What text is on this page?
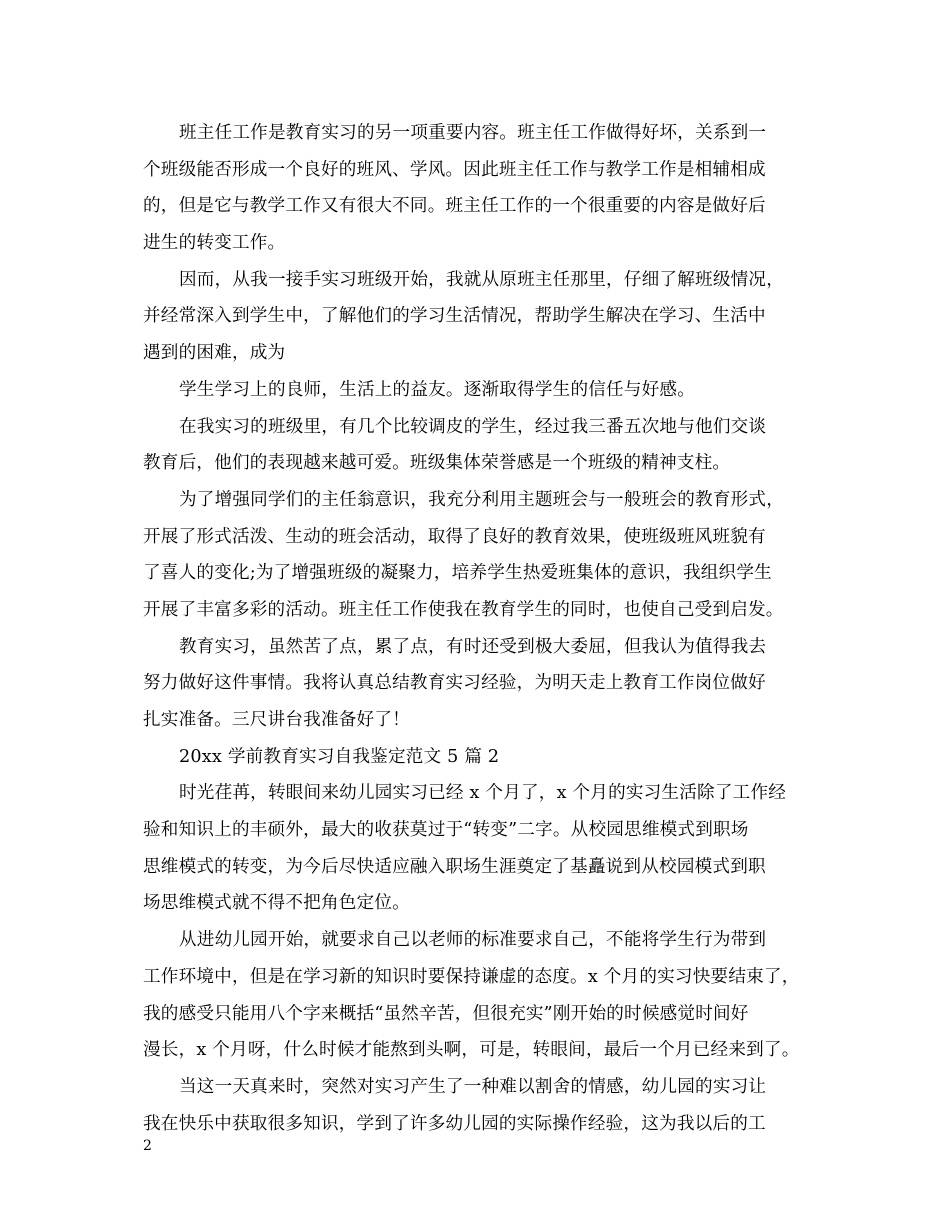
班主任工作是教育实习的另一项重要内容。班主任工作做得好坏，关系到一
个班级能否形成一个良好的班风、学风。因此班主任工作与教学工作是相辅相成
的，但是它与教学工作又有很大不同。班主任工作的一个很重要的内容是做好后
进生的转变工作。
因而，从我一接手实习班级开始，我就从原班主任那里，仔细了解班级情况，
并经常深入到学生中，了解他们的学习生活情况，帮助学生解决在学习、生活中
遇到的困难，成为
学生学习上的良师，生活上的益友。逐渐取得学生的信任与好感。
在我实习的班级里，有几个比较调皮的学生，经过我三番五次地与他们交谈
教育后，他们的表现越来越可爱。班级集体荣誉感是一个班级的精神支柱。
为了增强同学们的主任翁意识，我充分利用主题班会与一般班会的教育形式，
开展了形式活泼、生动的班会活动，取得了良好的教育效果，使班级班风班貌有
了喜人的变化;为了增强班级的凝聚力，培养学生热爱班集体的意识，我组织学生
开展了丰富多彩的活动。班主任工作使我在教育学生的同时，也使自己受到启发。
教育实习，虽然苦了点，累了点，有时还受到极大委屈，但我认为值得我去
努力做好这件事情。我将认真总结教育实习经验，为明天走上教育工作岗位做好
扎实准备。三尺讲台我准备好了！
20xx 学前教育实习自我鉴定范文 5 篇 2
时光荏苒，转眼间来幼儿园实习已经 x 个月了，x 个月的实习生活除了工作经
验和知识上的丰硕外，最大的收获莫过于“转变”二字。从校园思维模式到职场
思维模式的转变，为今后尽快适应融入职场生涯奠定了基矗说到从校园模式到职
场思维模式就不得不把角色定位。
从进幼儿园开始，就要求自己以老师的标准要求自己，不能将学生行为带到
工作环境中，但是在学习新的知识时要保持谦虚的态度。x 个月的实习快要结束了，
我的感受只能用八个字来概括“虽然辛苦，但很充实”刚开始的时候感觉时间好
漫长，x 个月呀，什么时候才能熬到头啊，可是，转眼间，最后一个月已经来到了。
当这一天真来时，突然对实习产生了一种难以割舍的情感，幼儿园的实习让
我在快乐中获取很多知识，学到了许多幼儿园的实际操作经验，这为我以后的工
2
